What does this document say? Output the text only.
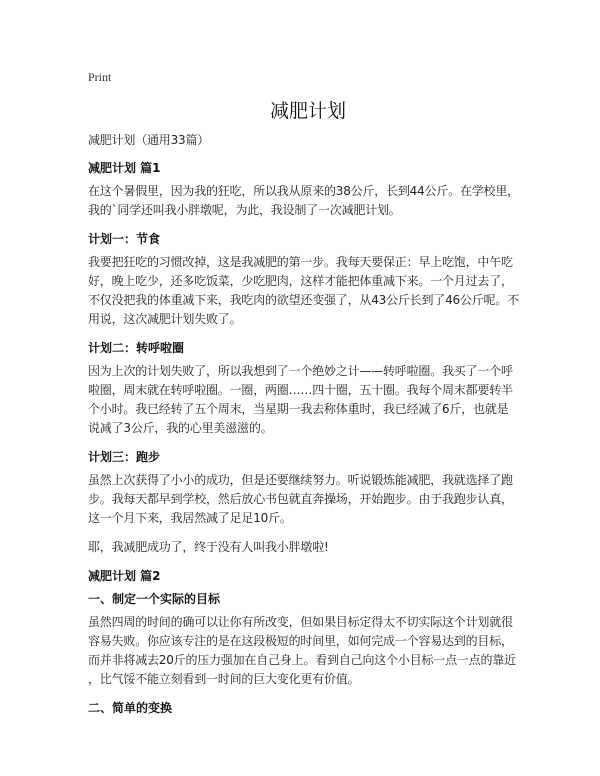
Print
减肥计划
减肥计划（通用33篇）
减肥计划 篇1
在这个暑假里，因为我的狂吃，所以我从原来的38公斤，长到44公斤。在学校里，
我的`同学还叫我小胖墩呢，为此，我设制了一次减肥计划。
计划一：节食
我要把狂吃的习惯改掉，这是我减肥的第一步。我每天要保正：早上吃饱，中午吃
好，晚上吃少，还多吃饭菜，少吃肥肉，这样才能把体重减下来。一个月过去了，
不仅没把我的体重减下来，我吃肉的欲望还变强了，从43公斤长到了46公斤呢。不
用说，这次减肥计划失败了。
计划二：转呼啦圈
因为上次的计划失败了，所以我想到了一个绝妙之计——转呼啦圈。我买了一个呼
啦圈，周末就在转呼啦圈。一圈，两圈……四十圈，五十圈。我每个周末都要转半
个小时。我已经转了五个周末，当星期一我去称体重时，我已经减了6斤，也就是
说减了3公斤，我的心里美滋滋的。
计划三：跑步
虽然上次获得了小小的成功，但是还要继续努力。听说锻炼能减肥，我就选择了跑
步。我每天都早到学校，然后放心书包就直奔操场，开始跑步。由于我跑步认真，
这一个月下来，我居然减了足足10斤。
耶，我减肥成功了，终于没有人叫我小胖墩啦!
减肥计划 篇2
一、制定一个实际的目标
虽然四周的时间的确可以让你有所改变，但如果目标定得太不切实际这个计划就很
容易失败。你应该专注的是在这段极短的时间里，如何完成一个容易达到的目标，
而并非将减去20斤的压力强加在自己身上。看到自己向这个小目标一点一点的靠近
，比气馁不能立刻看到一时间的巨大变化更有价值。
二、简单的变换
